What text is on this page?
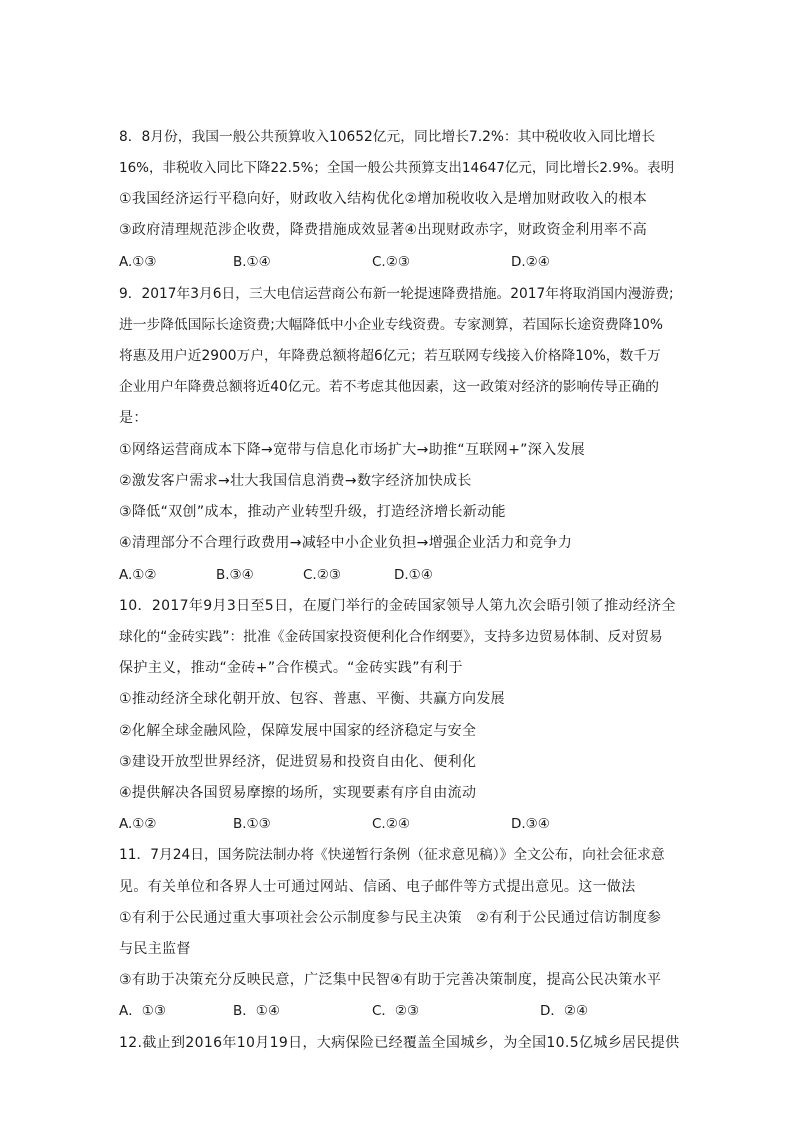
8．8月份，我国一般公共预算收入10652亿元，同比增长7.2%：其中税收收入同比增长
16%，非税收入同比下降22.5%；全国一般公共预算支出14647亿元，同比增长2.9%。表明
①我国经济运行平稳向好，财政收入结构优化②增加税收收入是增加财政收入的根本
③政府清理规范涉企收费，降费措施成效显著④出现财政赤字，财政资金利用率不高
A.①③	B.①④	C.②③	D.②④
9．2017年3月6日，三大电信运营商公布新一轮提速降费措施。2017年将取消国内漫游费;
进一步降低国际长途资费;大幅降低中小企业专线资费。专家测算，若国际长途资费降10%
将惠及用户近2900万户，年降费总额将超6亿元；若互联网专线接入价格降10%，数千万
企业用户年降费总额将近40亿元。若不考虑其他因素，这一政策对经济的影响传导正确的
是：
①网络运营商成本下降→宽带与信息化市场扩大→助推“互联网+”深入发展
②激发客户需求→壮大我国信息消费→数字经济加快成长
③降低“双创”成本，推动产业转型升级，打造经济增长新动能
④清理部分不合理行政费用→减轻中小企业负担→增强企业活力和竞争力
A.①②	B.③④	C.②③	D.①④
10．2017年9月3日至5日，在厦门举行的金砖国家领导人第九次会晤引领了推动经济全
球化的“金砖实践”：批准《金砖国家投资便利化合作纲要》，支持多边贸易体制、反对贸易
保护主义，推动“金砖+”合作模式。“金砖实践”有利于
①推动经济全球化朝开放、包容、普惠、平衡、共赢方向发展
②化解全球金融风险，保障发展中国家的经济稳定与安全
③建设开放型世界经济，促进贸易和投资自由化、便利化
④提供解决各国贸易摩擦的场所，实现要素有序自由流动
A.①②	B.①③	C.②④	D.③④
11．7月24日，国务院法制办将《快递暂行条例（征求意见稿）》全文公布，向社会征求意
见。有关单位和各界人士可通过网站、信函、电子邮件等方式提出意见。这一做法
①有利于公民通过重大事项社会公示制度参与民主决策　②有利于公民通过信访制度参
与民主监督
③有助于决策充分反映民意，广泛集中民智④有助于完善决策制度，提高公民决策水平
A．①③	B．①④	C．②③	D．②④
12.截止到2016年10月19日，大病保险已经覆盖全国城乡，为全国10.5亿城乡居民提供
